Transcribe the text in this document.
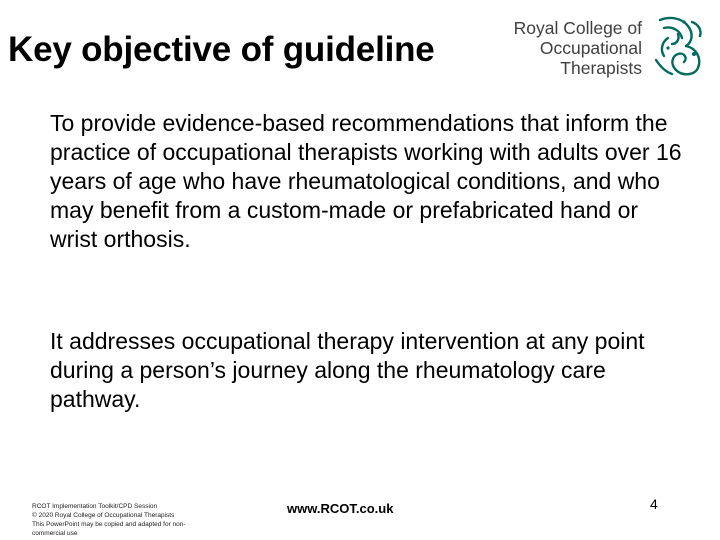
Key objective of guideline
Royal College of
Occupational
Therapists
To provide evidence-based recommendations that inform the practice of occupational therapists working with adults over 16 years of age who have rheumatological conditions, and who may benefit from a custom-made or prefabricated hand or wrist orthosis.
It addresses occupational therapy intervention at any point during a person’s journey along the rheumatology care pathway.
RCOT Implementation Toolkit/CPD Session
© 2020 Royal College of Occupational Therapists
This PowerPoint may be copied and adapted for non-
commercial use
www.RCOT.co.uk	4
